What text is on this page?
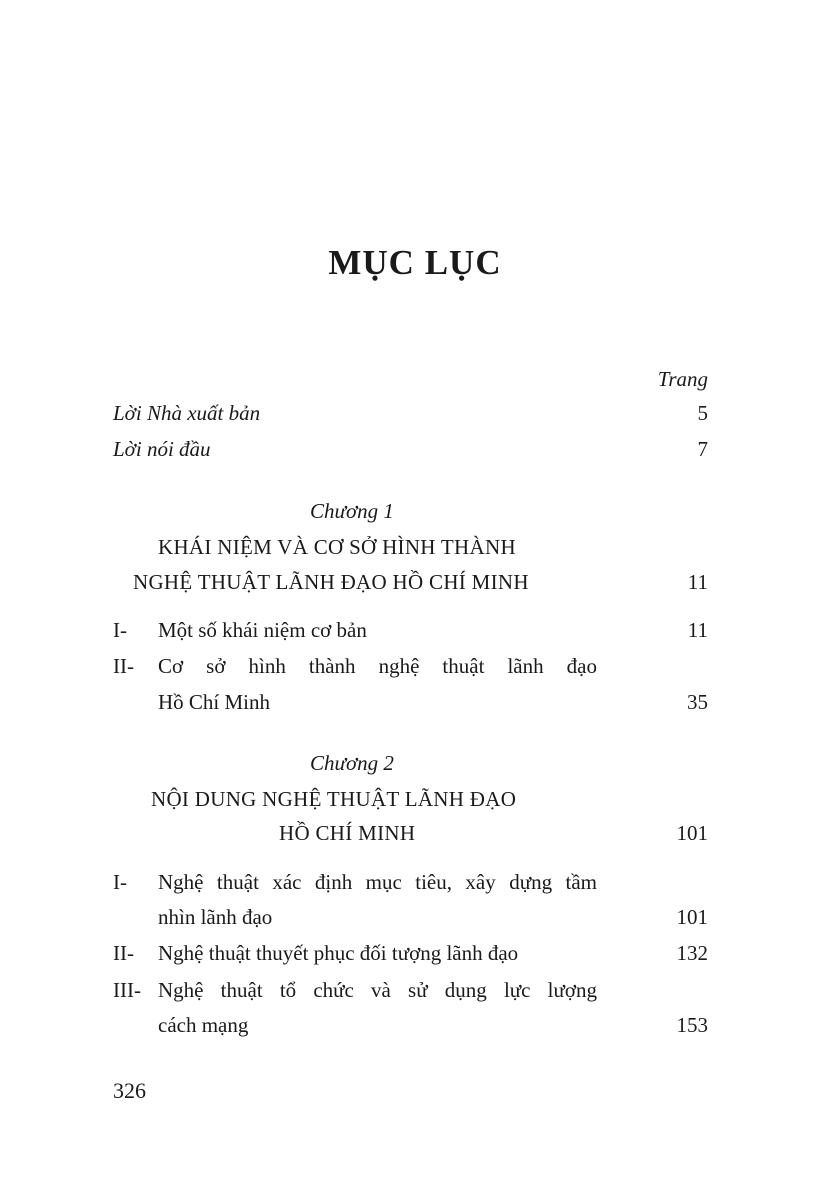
MỤC LỤC
Trang
Lời Nhà xuất bản	5
Lời nói đầu	7
Chương 1
KHÁI NIỆM VÀ CƠ SỞ HÌNH THÀNH
NGHỆ THUẬT LÃNH ĐẠO HỒ CHÍ MINH	11
I- Một số khái niệm cơ bản	11
II- Cơ sở hình thành nghệ thuật lãnh đạo
Hồ Chí Minh	35
Chương 2
NỘI DUNG NGHỆ THUẬT LÃNH ĐẠO
HỒ CHÍ MINH	101
I- Nghệ thuật xác định mục tiêu, xây dựng tầm
nhìn lãnh đạo	101
II- Nghệ thuật thuyết phục đối tượng lãnh đạo	132
III- Nghệ thuật tổ chức và sử dụng lực lượng
cách mạng	153
326
